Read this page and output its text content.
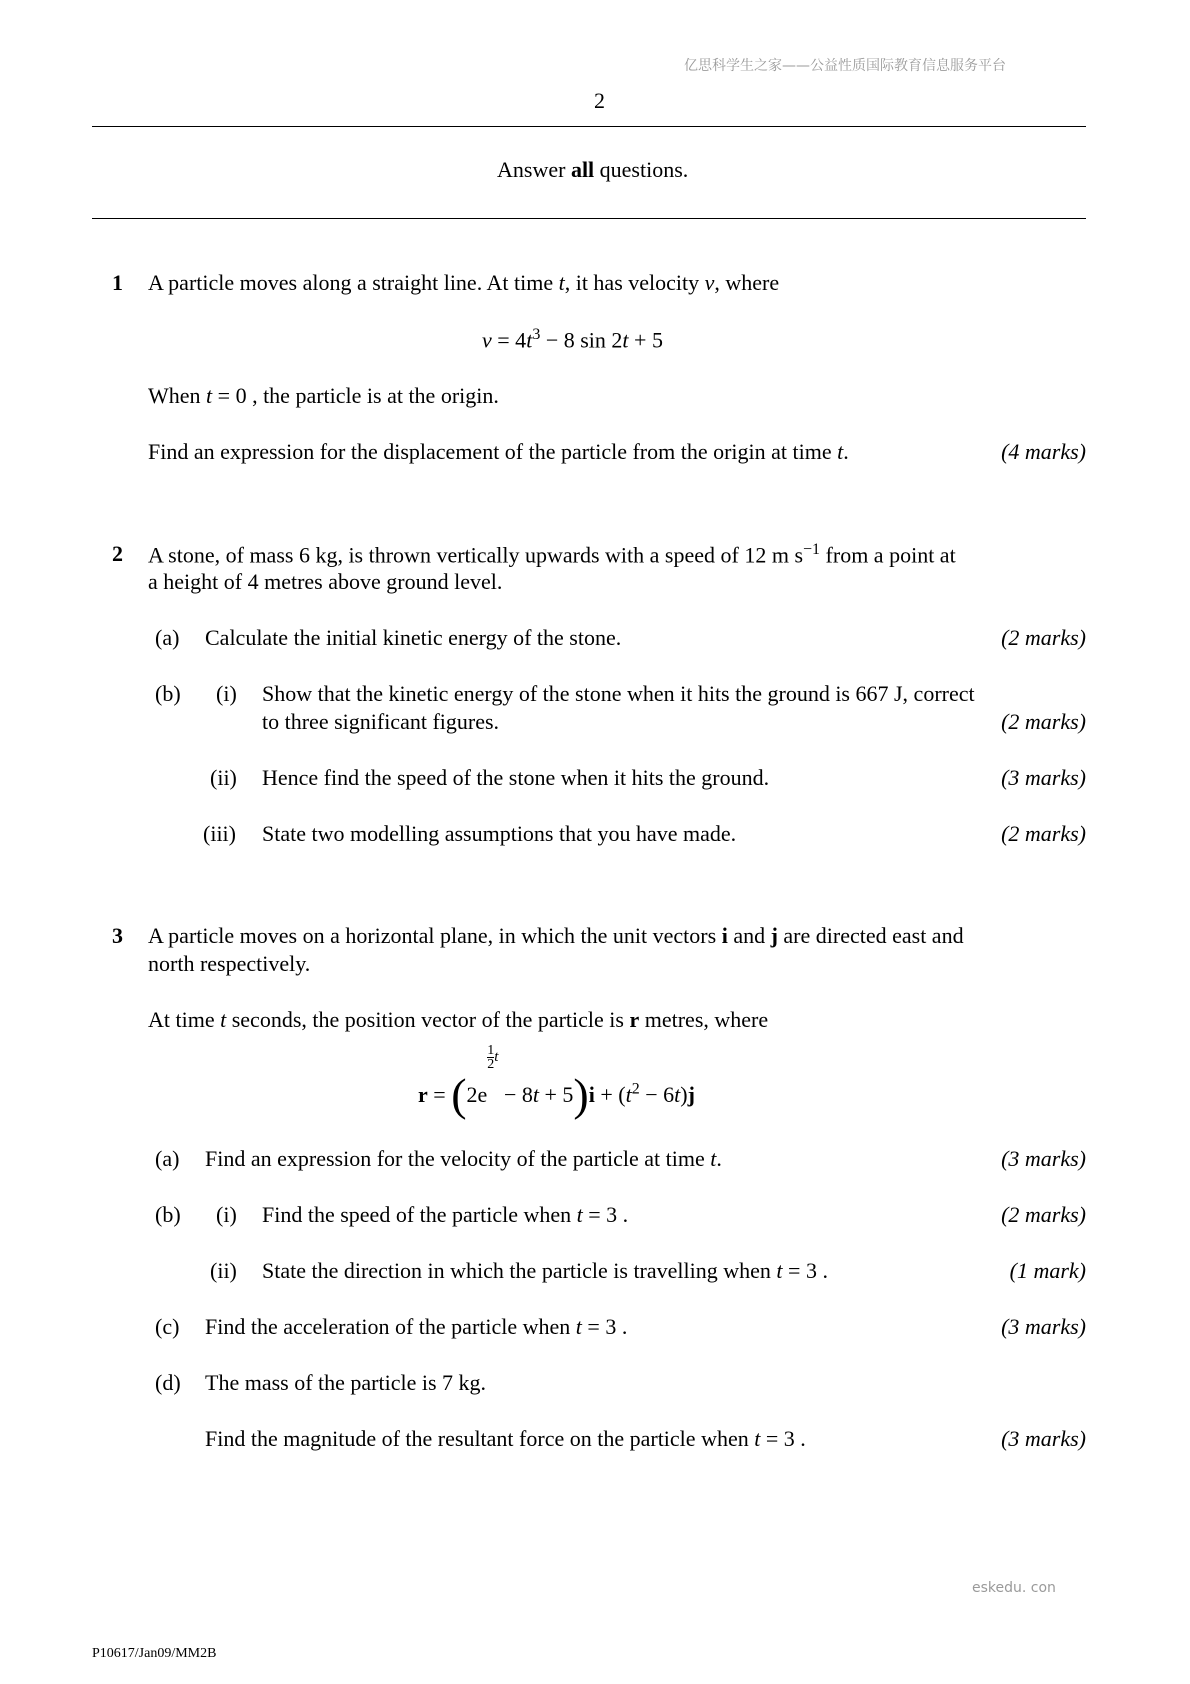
亿思科学生之家——公益性质国际教育信息服务平台
2
Answer all questions.
1 A particle moves along a straight line. At time t, it has velocity v, where
$v = 4t^3 - 8$ sin 2t + 5
When t = 0 , the particle is at the origin.
Find an expression for the displacement of the particle from the origin at time t.	(4 marks)
2 A stone, of mass 6 kg, is thrown vertically upwards with a speed of 12 m $s^{-1}$ from a point at
a height of 4 metres above ground level.
(a) Calculate the initial kinetic energy of the stone.	(2 marks)
(b) (i) Show that the kinetic energy of the stone when it hits the ground is 667 J, correct
to three significant figures.	(2 marks)
(ii) Hence find the speed of the stone when it hits the ground.	(3 marks)
(iii) State two modelling assumptions that you have made.	(2 marks)
3 A particle moves on a horizontal plane, in which the unit vectors i and j are directed east and
north respectively.
At time t seconds, the position vector of the particle is r metres, where
r = (2e
$\frac{1}{2}$ $t - 8t + 5)i + (t^2 - 6t)j$
(a) Find an expression for the velocity of the particle at time t.	(3 marks)
(b) (i) Find the speed of the particle when t = 3 .	(2 marks)
(ii) State the direction in which the particle is travelling when t = 3 .	(1 mark)
(c) Find the acceleration of the particle when t = 3 .	(3 marks)
(d) The mass of the particle is 7 kg.
Find the magnitude of the resultant force on the particle when t = 3 .	(3 marks)
eskedu. con
P10617/Jan09/MM2B
